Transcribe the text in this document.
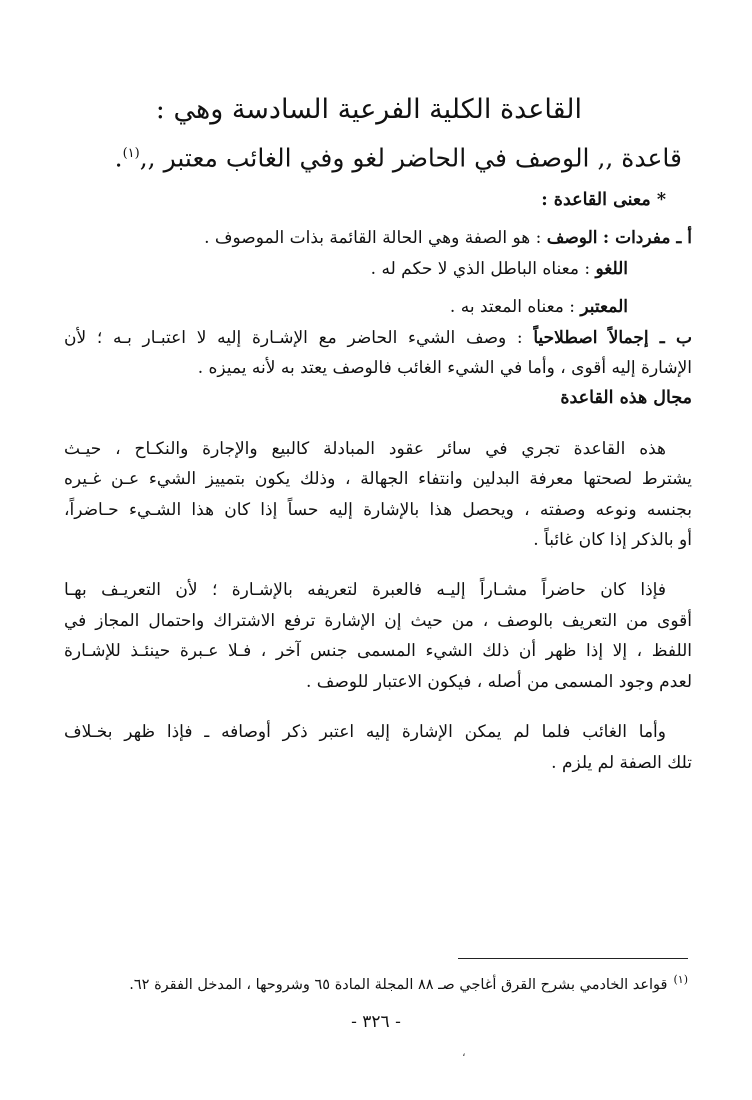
القاعدة الكلية الفرعية السادسة وهي :
قاعدة ,, الوصف في الحاضر لغو وفي الغائب معتبر ,,$^{(١)}$.
* معنى القاعدة :
أ ـ مفردات : الوصف : هو الصفة وهي الحالة القائمة بذات الموصوف .
اللغو : معناه الباطل الذي لا حكم له .
المعتبر : معناه المعتد به .
ب ـ إجمالاً اصطلاحياً : وصف الشيء الحاضر مع الإشـارة إليه لا اعتبـار بـه ؛ لأن
الإشارة إليه أقوى ، وأما في الشيء الغائب فالوصف يعتد به لأنه يميزه .
مجال هذه القاعدة
هذه القاعدة تجري في سائر عقود المبادلة كالبيع والإجارة والنكـاح ، حيـث
يشترط لصحتها معرفة البدلين وانتفاء الجهالة ، وذلك يكون بتمييز الشيء عـن غـيره
بجنسه ونوعه وصفته ، ويحصل هذا بالإشارة إليه حساً إذا كان هذا الشـيء حـاضراً،
أو بالذكر إذا كان غائباً .
فإذا كان حاضراً مشـاراً إليـه فالعبرة لتعريفه بالإشـارة ؛ لأن التعريـف بهـا
أقوى من التعريف بالوصف ، من حيث إن الإشارة ترفع الاشتراك واحتمال المجاز في
اللفظ ، إلا إذا ظهر أن ذلك الشيء المسمى جنس آخر ، فـلا عـبرة حينئـذ للإشـارة
لعدم وجود المسمى من أصله ، فيكون الاعتبار للوصف .
وأما الغائب فلما لم يمكن الإشارة إليه اعتبر ذكر أوصافه ـ فإذا ظهر بخـلاف
تلك الصفة لم يلزم .
$^{(١)}$قواعد الخادمي بشرح القرق أغاجي صـ ٨٨ المجلة المادة ٦٥ وشروحها ، المدخل الفقرة ٦٢.
- ٣٢٦ -
،
